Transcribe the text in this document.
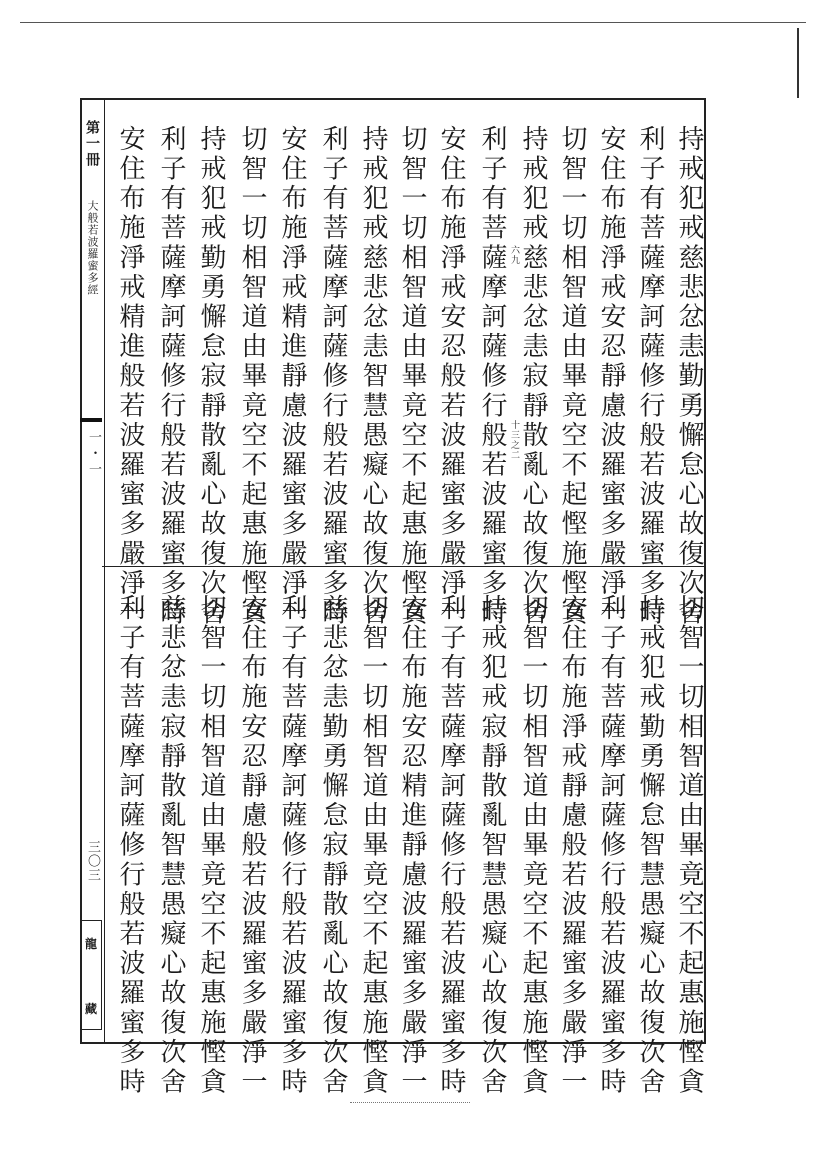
第一冊
大般若波羅蜜多經
一・一
三〇三
龍
藏
持戒犯戒慈悲忿恚勤勇懈怠心故復次舍
利子有菩薩摩訶薩修行般若波羅蜜多時
安住布施淨戒安忍靜慮波羅蜜多嚴淨一
切智一切相智道由畢竟空不起慳施慳貪
持戒犯戒慈悲忿恚寂靜散亂心故復次舍
利子有菩薩摩訶薩修行般若波羅蜜多時
安住布施淨戒安忍般若波羅蜜多嚴淨一
切智一切相智道由畢竟空不起惠施慳貪
持戒犯戒慈悲忿恚智慧愚癡心故復次舍
利子有菩薩摩訶薩修行般若波羅蜜多時
安住布施淨戒精進靜慮波羅蜜多嚴淨一
切智一切相智道由畢竟空不起惠施慳貪
持戒犯戒勤勇懈怠寂靜散亂心故復次舍
利子有菩薩摩訶薩修行般若波羅蜜多時
安住布施淨戒精進般若波羅蜜多嚴淨一	六九
十三之二
切智一切相智道由畢竟空不起惠施慳貪
持戒犯戒勤勇懈怠智慧愚癡心故復次舍
利子有菩薩摩訶薩修行般若波羅蜜多時
安住布施淨戒靜慮般若波羅蜜多嚴淨一
切智一切相智道由畢竟空不起惠施慳貪
持戒犯戒寂靜散亂智慧愚癡心故復次舍
利子有菩薩摩訶薩修行般若波羅蜜多時
安住布施安忍精進靜慮波羅蜜多嚴淨一
切智一切相智道由畢竟空不起惠施慳貪
慈悲忿恚勤勇懈怠寂靜散亂心故復次舍
利子有菩薩摩訶薩修行般若波羅蜜多時
安住布施安忍靜慮般若波羅蜜多嚴淨一
切智一切相智道由畢竟空不起惠施慳貪
慈悲忿恚寂靜散亂智慧愚癡心故復次舍
利子有菩薩摩訶薩修行般若波羅蜜多時
